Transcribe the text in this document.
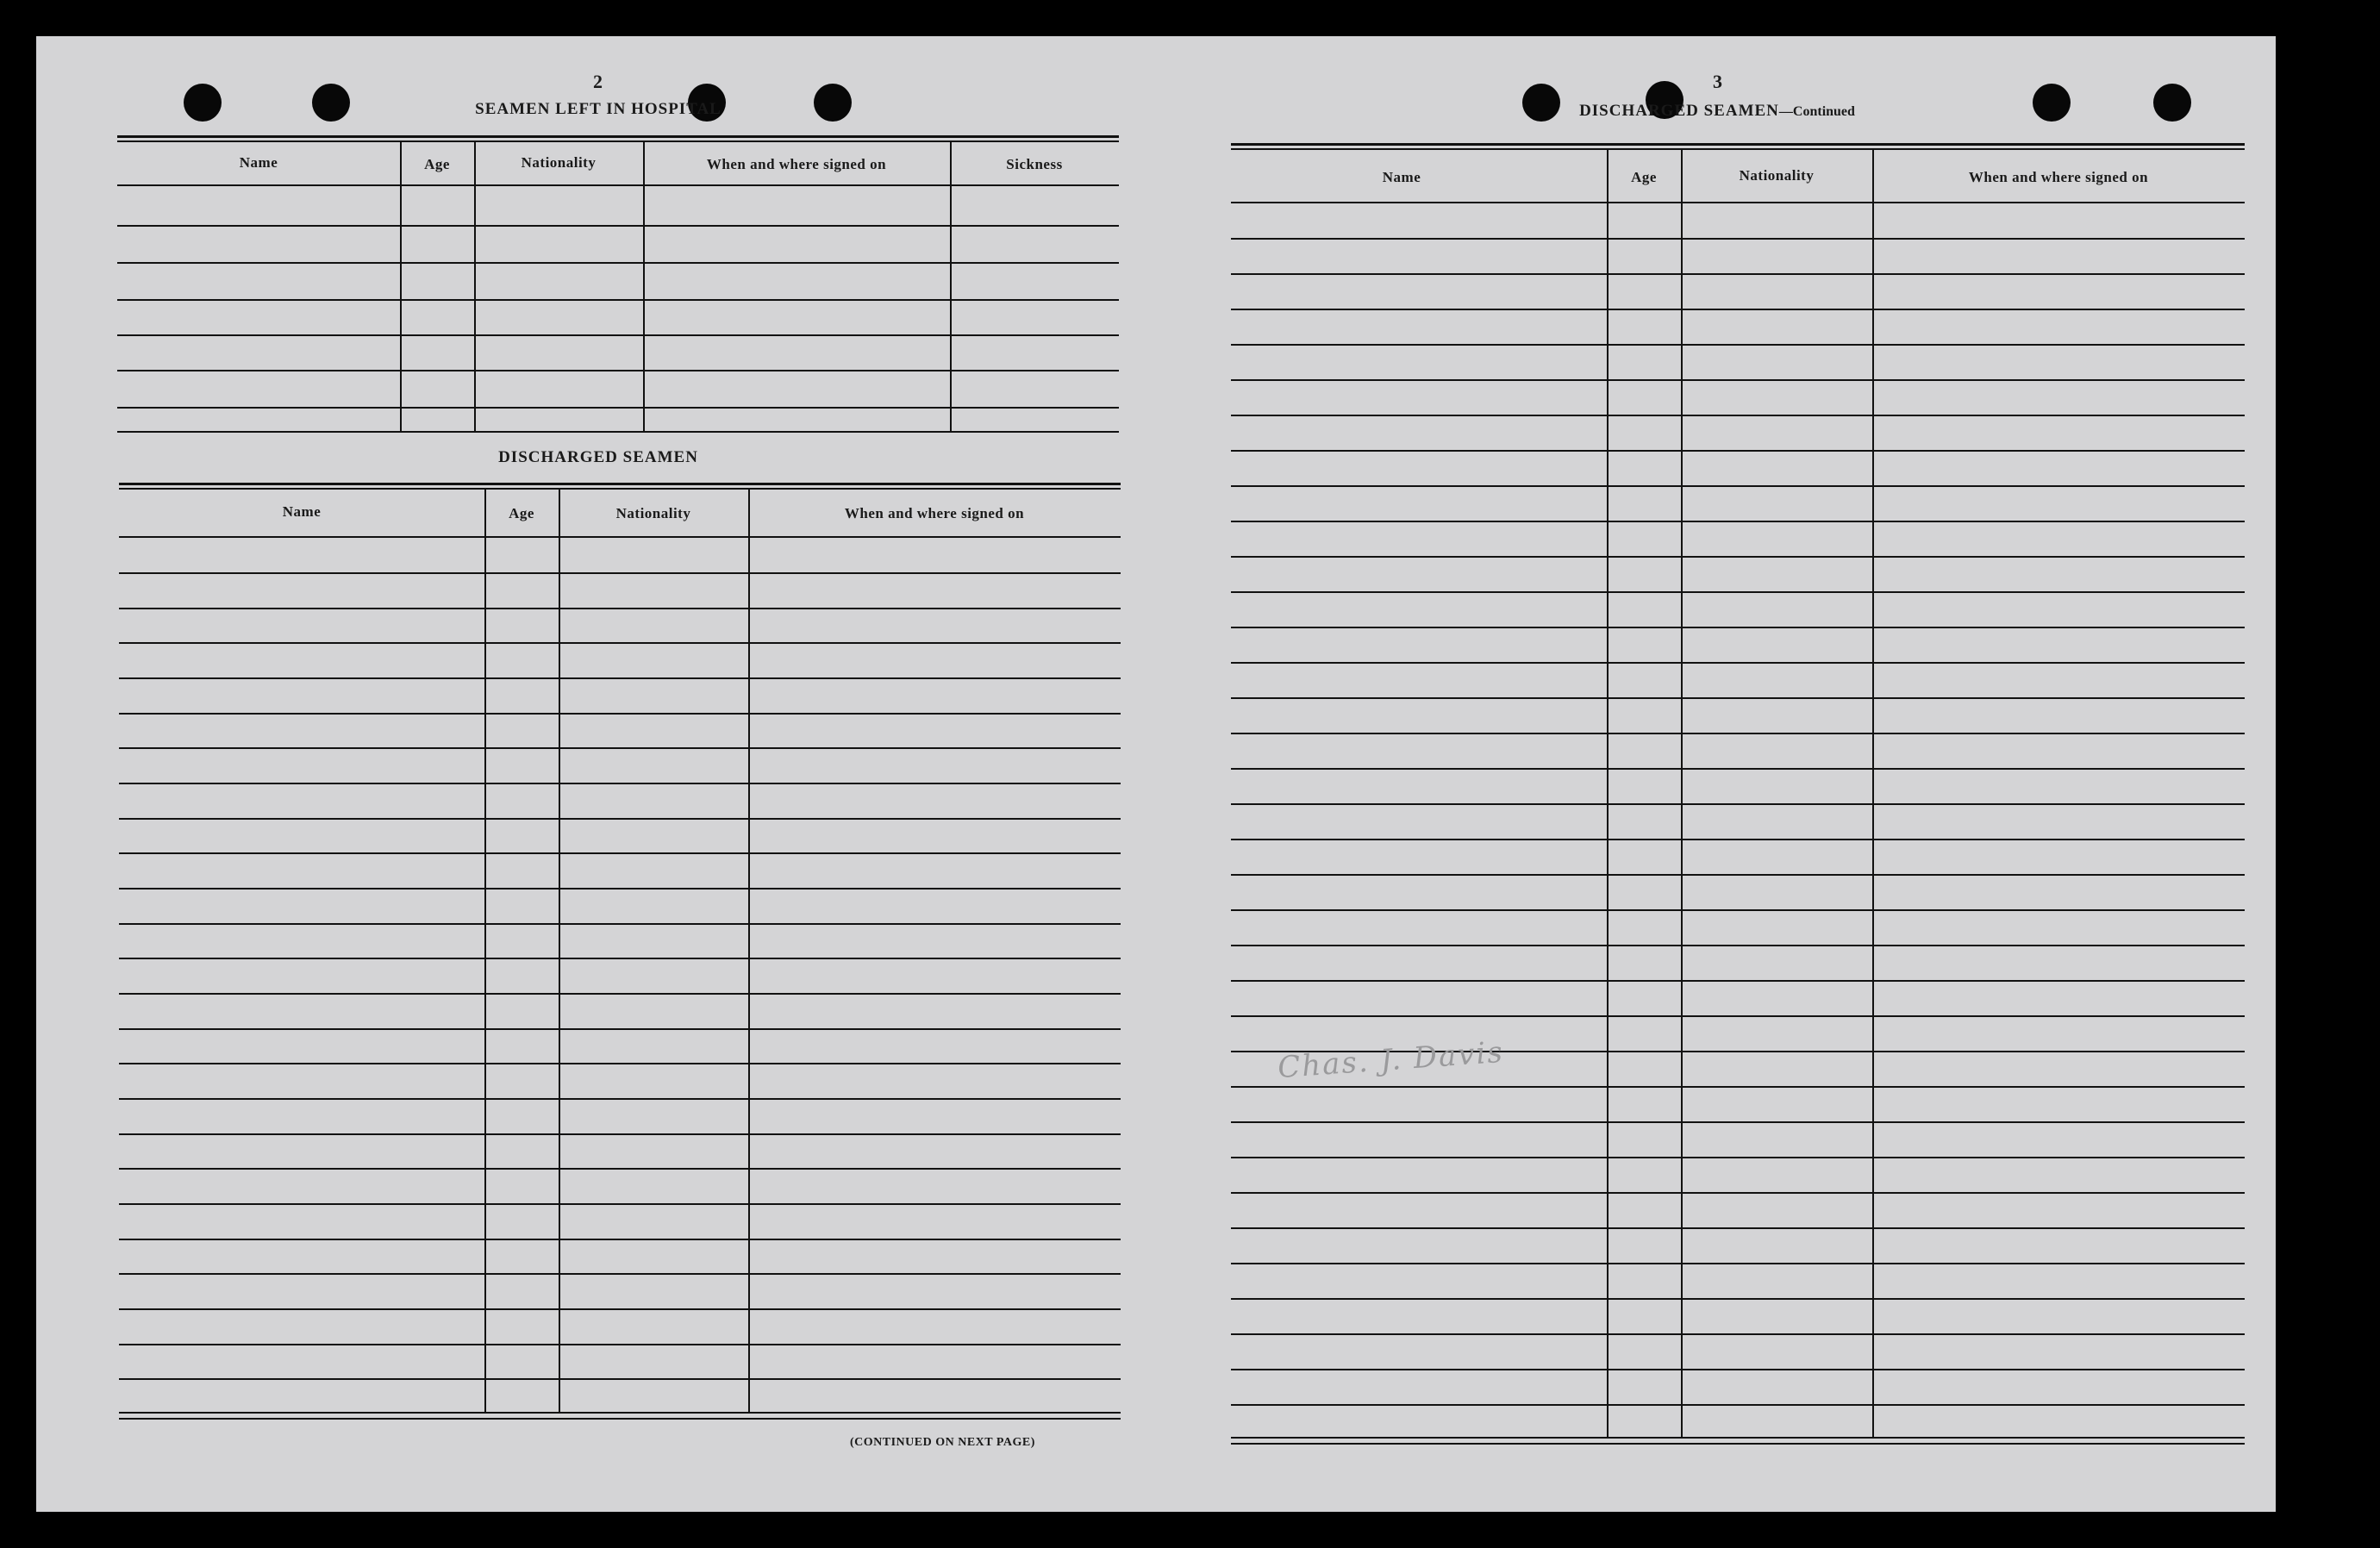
2
SEAMEN LEFT IN HOSPITAL
Name	Age	Nationality	When and where signed on	Sickness
DISCHARGED SEAMEN
Name	Age	Nationality	When and where signed on
(CONTINUED ON NEXT PAGE)
3
DISCHARGED SEAMEN—Continued
Name	Age	Nationality	When and where signed on
Chas. J. Davis
